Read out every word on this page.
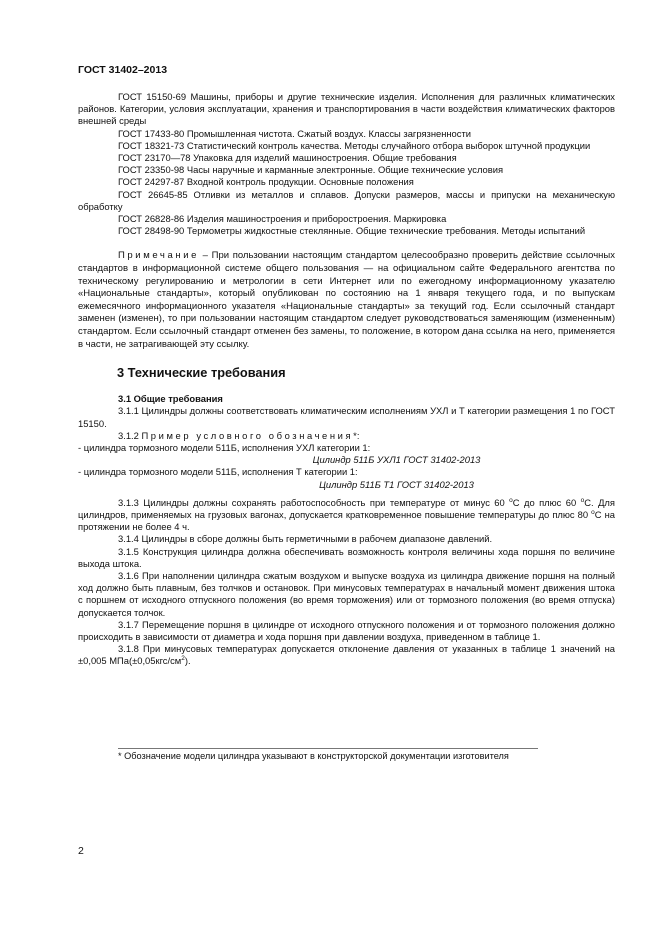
ГОСТ 31402–2013

ГОСТ 15150-69 Машины, приборы и другие технические изделия. Исполнения для различных климатических районов. Категории, условия эксплуатации, хранения и транспортирования в части воздействия климатических факторов внешней среды

ГОСТ 17433-80 Промышленная чистота. Сжатый воздух. Классы загрязненности

ГОСТ 18321-73 Статистический контроль качества. Методы случайного отбора выборок штучной продукции

ГОСТ 23170—78 Упаковка для изделий машиностроения. Общие требования

ГОСТ 23350-98 Часы наручные и карманные электронные. Общие технические условия

ГОСТ 24297-87 Входной контроль продукции. Основные положения

ГОСТ 26645-85 Отливки из металлов и сплавов. Допуски размеров, массы и припуски на механическую обработку

ГОСТ 26828-86 Изделия машиностроения и приборостроения. Маркировка

ГОСТ 28498-90 Термометры жидкостные стеклянные. Общие технические требования. Методы испытаний

Примечание – При пользовании настоящим стандартом целесообразно проверить действие ссылочных стандартов в информационной системе общего пользования — на официальном сайте Федерального агентства по техническому регулированию и метрологии в сети Интернет или по ежегодному информационному указателю «Национальные стандарты», который опубликован по состоянию на 1 января текущего года, и по выпускам ежемесячного информационного указателя «Национальные стандарты» за текущий год. Если ссылочный стандарт заменен (изменен), то при пользовании настоящим стандартом следует руководствоваться заменяющим (измененным) стандартом. Если ссылочный стандарт отменен без замены, то положение, в котором дана ссылка на него, применяется в части, не затрагивающей эту ссылку.

3 Технические требования

3.1 Общие требования

3.1.1 Цилиндры должны соответствовать климатическим исполнениям УХЛ и Т категории размещения 1 по ГОСТ 15150.

3.1.2 Пример условного обозначения*:

- цилиндра тормозного модели 511Б, исполнения УХЛ категории 1:

Цилиндр 511Б УХЛ1 ГОСТ 31402-2013

- цилиндра тормозного модели 511Б, исполнения Т категории 1:

Цилиндр 511Б Т1 ГОСТ 31402-2013

3.1.3 Цилиндры должны сохранять работоспособность при температуре от минус 60 $^о$С до плюс 60 $^о$С. Для цилиндров, применяемых на грузовых вагонах, допускается кратковременное повышение температуры до плюс 80 $^о$С на протяжении не более 4 ч.

3.1.4 Цилиндры в сборе должны быть герметичными в рабочем диапазоне давлений.

3.1.5 Конструкция цилиндра должна обеспечивать возможность контроля величины хода поршня по величине выхода штока.

3.1.6 При наполнении цилиндра сжатым воздухом и выпуске воздуха из цилиндра движение поршня на полный ход должно быть плавным, без толчков и остановок. При минусовых температурах в начальный момент движения штока с поршнем от исходного отпускного положения (во время торможения) или от тормозного положения (во время отпуска) допускается толчок.

3.1.7 Перемещение поршня в цилиндре от исходного отпускного положения и от тормозного положения должно происходить в зависимости от диаметра и хода поршня при давлении воздуха, приведенном в таблице 1.

3.1.8 При минусовых температурах допускается отклонение давления от указанных в таблице 1 значений на ±0,005 $МПа(\pm 0,05кгс/см^2)$.

* Обозначение модели цилиндра указывают в конструкторской документации изготовителя
2
